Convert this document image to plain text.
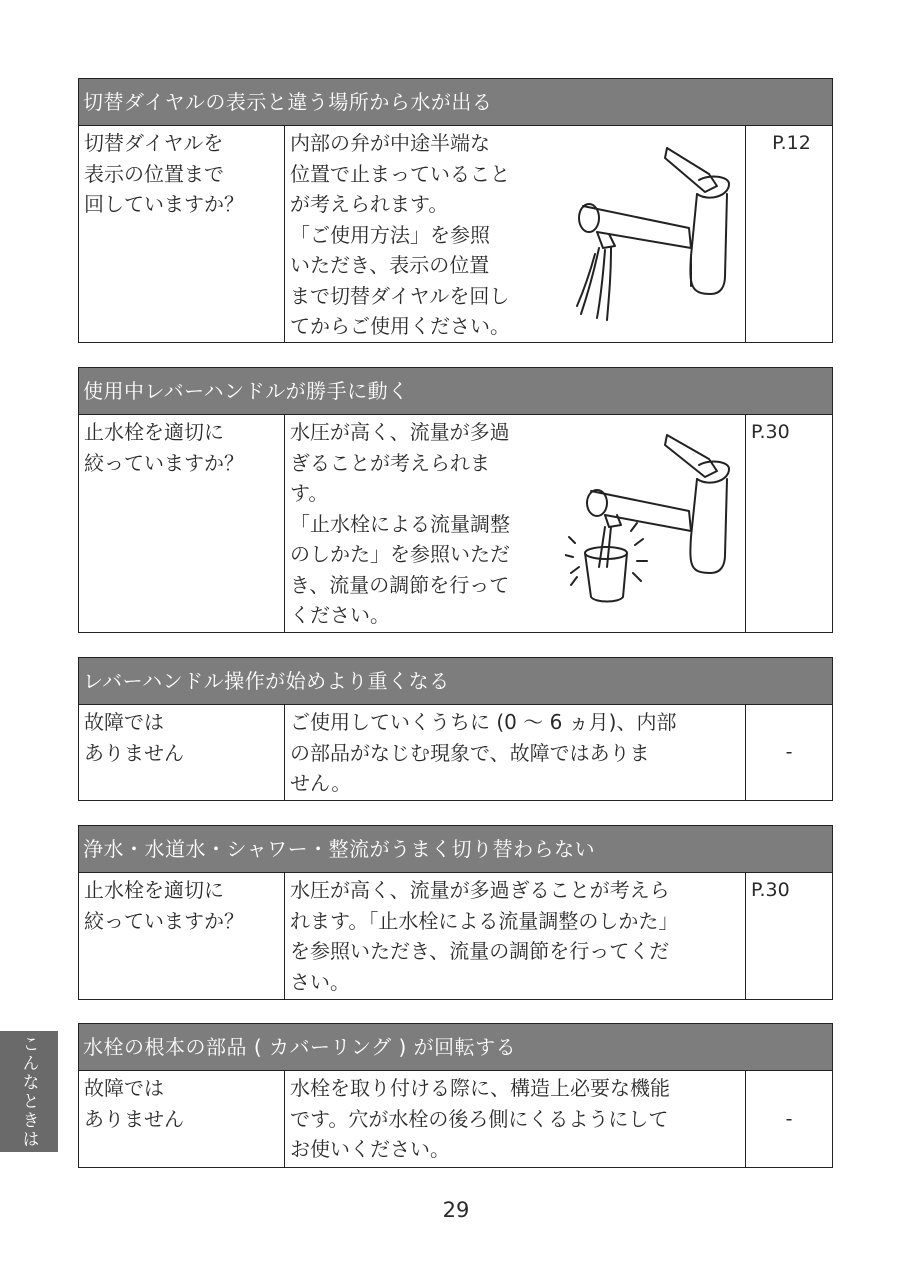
切替ダイヤルの表示と違う場所から水が出る
切替ダイヤルを
表示の位置まで
回していますか？
内部の弁が中途半端な
位置で止まっていること
が考えられます。
「ご使用方法」を参照
いただき、表示の位置
まで切替ダイヤルを回し
てからご使用ください。
P.12
使用中レバーハンドルが勝手に動く
止水栓を適切に
絞っていますか？
水圧が高く、流量が多過
ぎることが考えられま
す。
「止水栓による流量調整
のしかた」を参照いただ
き、流量の調節を行って
ください。
P.30
レバーハンドル操作が始めより重くなる
故障では
ありません
ご使用していくうちに (0 〜 6 ヵ月)、内部
の部品がなじむ現象で、故障ではありま
せん。
-
浄水・水道水・シャワー・整流がうまく切り替わらない
止水栓を適切に
絞っていますか？
水圧が高く、流量が多過ぎることが考えら
れます。「止水栓による流量調整のしかた」
を参照いただき、流量の調節を行ってくだ
さい。
P.30
水栓の根本の部品 ( カバーリング ) が回転する
故障では
ありません
水栓を取り付ける際に、構造上必要な機能
です。穴が水栓の後ろ側にくるようにして
お使いください。
-
こんなときは
29
